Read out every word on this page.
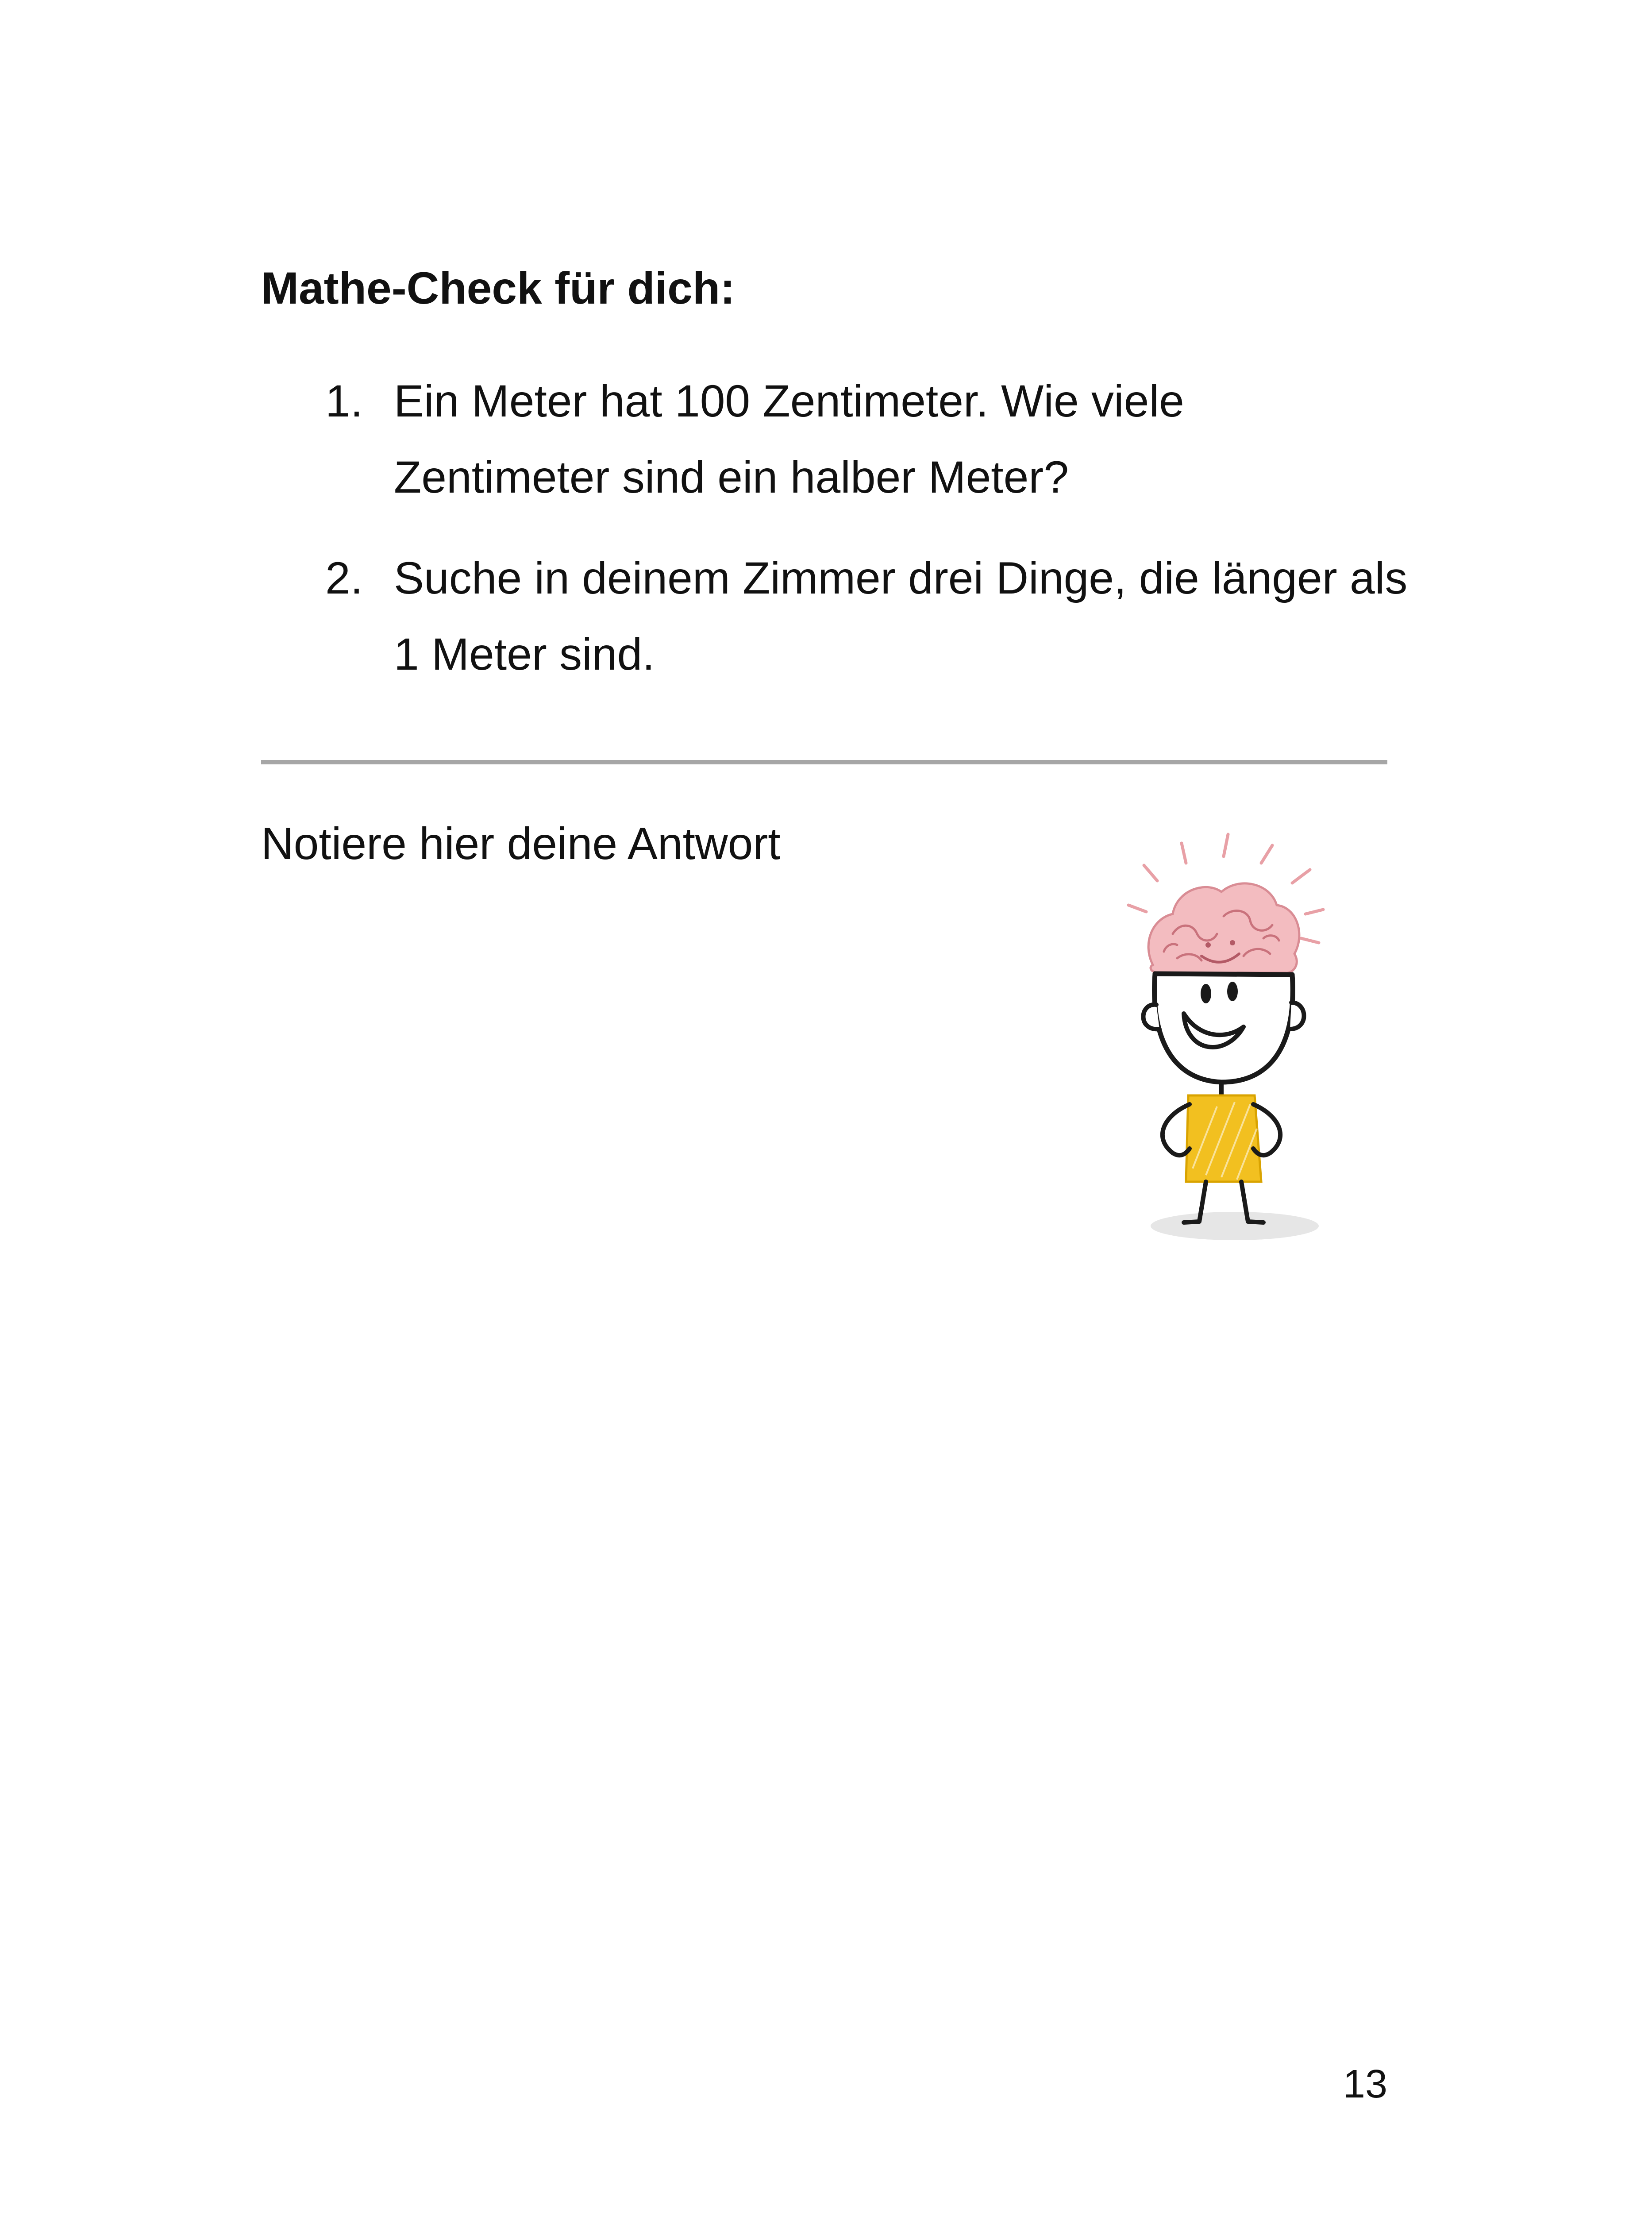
Mathe-Check für dich:
1. Ein Meter hat 100 Zentimeter. Wie viele Zentimeter sind ein halber Meter?
2. Suche in deinem Zimmer drei Dinge, die länger als 1 Meter sind.
Notiere hier deine Antwort
13
